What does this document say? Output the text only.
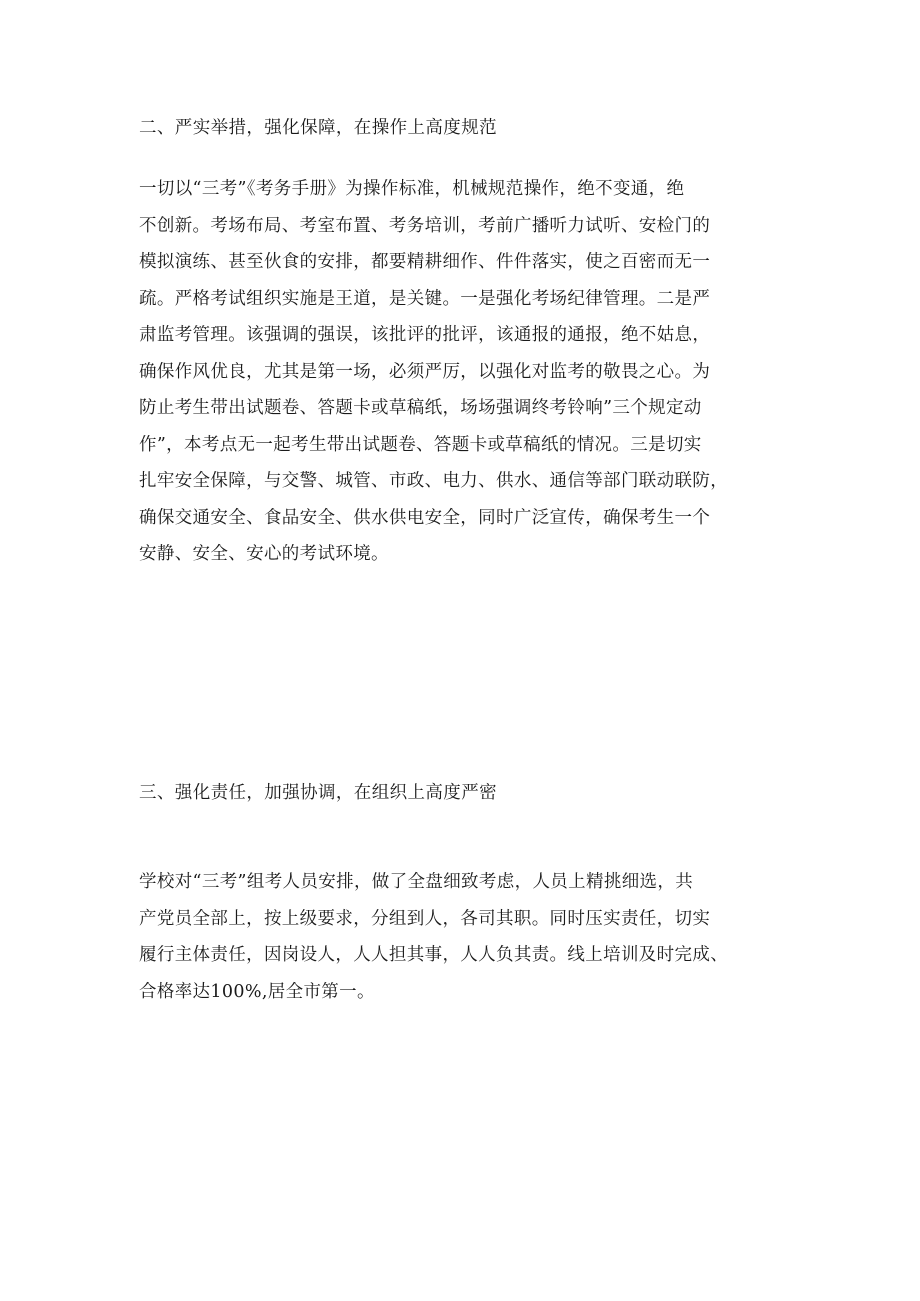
二、严实举措，强化保障，在操作上高度规范
一切以“三考”《考务手册》为操作标准，机械规范操作，绝不变通，绝
不创新。考场布局、考室布置、考务培训，考前广播听力试听、安检门的
模拟演练、甚至伙食的安排，都要精耕细作、件件落实，使之百密而无一
疏。严格考试组织实施是王道，是关键。一是强化考场纪律管理。二是严
肃监考管理。该强调的强误，该批评的批评，该通报的通报，绝不姑息，
确保作风优良，尤其是第一场，必须严厉，以强化对监考的敬畏之心。为
防止考生带出试题卷、答题卡或草稿纸，场场强调终考铃响”三个规定动
作”，本考点无一起考生带出试题卷、答题卡或草稿纸的情况。三是切实
扎牢安全保障，与交警、城管、市政、电力、供水、通信等部门联动联防，
确保交通安全、食品安全、供水供电安全，同时广泛宣传，确保考生一个
安静、安全、安心的考试环境。
三、强化责任，加强协调，在组织上高度严密
学校对“三考”组考人员安排，做了全盘细致考虑，人员上精挑细选，共
产党员全部上，按上级要求，分组到人，各司其职。同时压实责任，切实
履行主体责任，因岗设人，人人担其事，人人负其责。线上培训及时完成、
合格率达100%,居全市第一。
